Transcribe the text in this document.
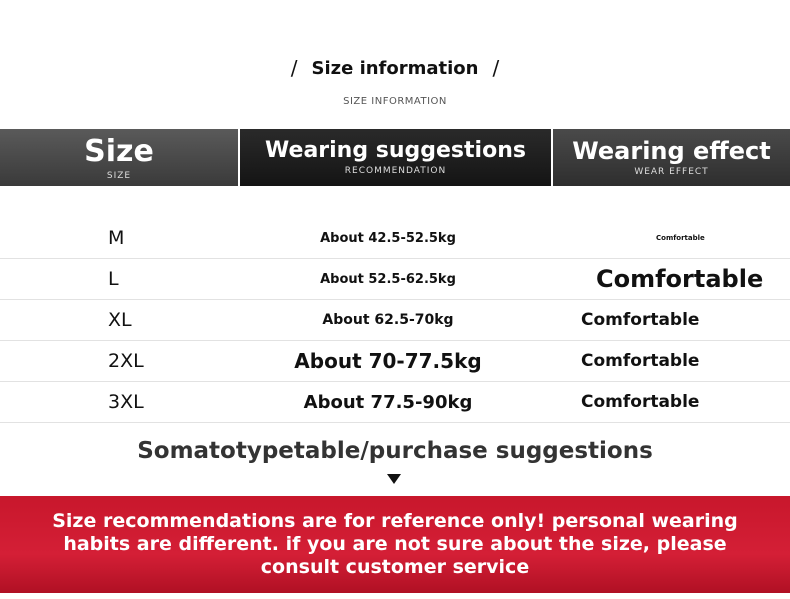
/ Size information /
SIZE INFORMATION
Size
SIZE
Wearing suggestions
RECOMMENDATION
Wearing effect
WEAR EFFECT
M	About 42.5-52.5kg	Comfortable
L	About 52.5-62.5kg	Comfortable
XL	About 62.5-70kg	Comfortable
2XL	About 70-77.5kg	Comfortable
3XL	About 77.5-90kg	Comfortable
Somatotypetable/purchase suggestions
Size recommendations are for reference only! personal wearing habits are different. if you are not sure about the size, please consult customer service
